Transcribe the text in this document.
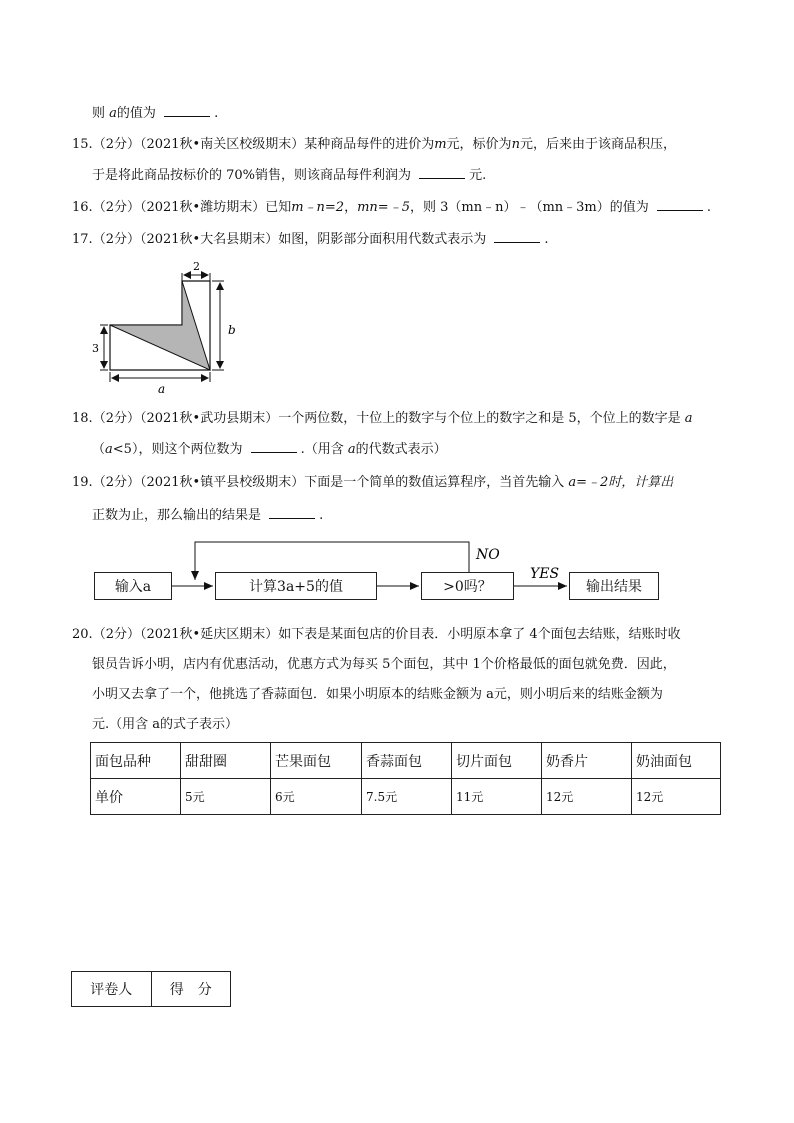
则 a的值为	.
15.（2分）（2021秋•南关区校级期末）某种商品每件的进价为m元，标价为n元，后来由于该商品积压，
于是将此商品按标价的 70%销售，则该商品每件利润为	元.
16.（2分）（2021秋•潍坊期末）已知m﹣n=2，mn=﹣5，则 3（mn﹣n）﹣（mn﹣3m）的值为	.
17.（2分）（2021秋•大名县期末）如图，阴影部分面积用代数式表示为	.
2
b
3
a
18.（2分）（2021秋•武功县期末）一个两位数，十位上的数字与个位上的数字之和是 5，个位上的数字是 a
（a<5），则这个两位数为	.（用含 a的代数式表示）
19.（2分）（2021秋•镇平县校级期末）下面是一个简单的数值运算程序，当首先输入 a=﹣2时，计算出
正数为止，那么输出的结果是	.
NO
YES
输入a	计算3a+5的值	>0吗？	输出结果
20.（2分）（2021秋•延庆区期末）如下表是某面包店的价目表．小明原本拿了 4个面包去结账，结账时收
银员告诉小明，店内有优惠活动，优惠方式为每买 5个面包，其中 1个价格最低的面包就免费．因此，
小明又去拿了一个，他挑选了香蒜面包．如果小明原本的结账金额为 a元，则小明后来的结账金额为
元.（用含 a的式子表示）
面包品种	甜甜圈	芒果面包	香蒜面包	切片面包	奶香片	奶油面包
单价	5元	6元	7.5元	11元	12元	12元
评卷人	得　分
